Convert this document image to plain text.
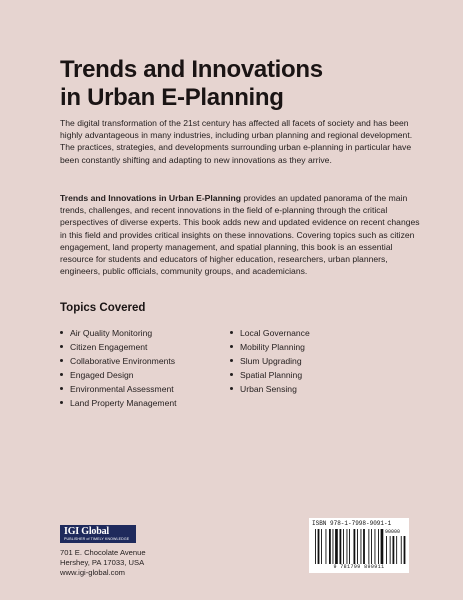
Trends and Innovations
in Urban E-Planning

The digital transformation of the 21st century has affected all facets of society and has been highly advantageous in many industries, including urban planning and regional development. The practices, strategies, and developments surrounding urban e-planning in particular have been constantly shifting and adapting to new innovations as they arrive.

Trends and Innovations in Urban E-Planning provides an updated panorama of the main trends, challenges, and recent innovations in the field of e-planning through the critical perspectives of diverse experts. This book adds new and updated evidence on recent changes in this field and provides critical insights on these innovations. Covering topics such as citizen engagement, land property management, and spatial planning, this book is an essential resource for students and educators of higher education, researchers, urban planners, engineers, public officials, community groups, and academicians.

Topics Covered
Air Quality Monitoring
Citizen Engagement
Collaborative Environments
Engaged Design
Environmental Assessment
Land Property Management
Local Governance
Mobility Planning
Slum Upgrading
Spatial Planning
Urban Sensing
IGI Global
PUBLISHER of TIMELY KNOWLEDGE
701 E. Chocolate Avenue
Hershey, PA 17033, USA
www.igi-global.com
90000
ISBN 978-1-7998-9091-1
9 781799 890911
